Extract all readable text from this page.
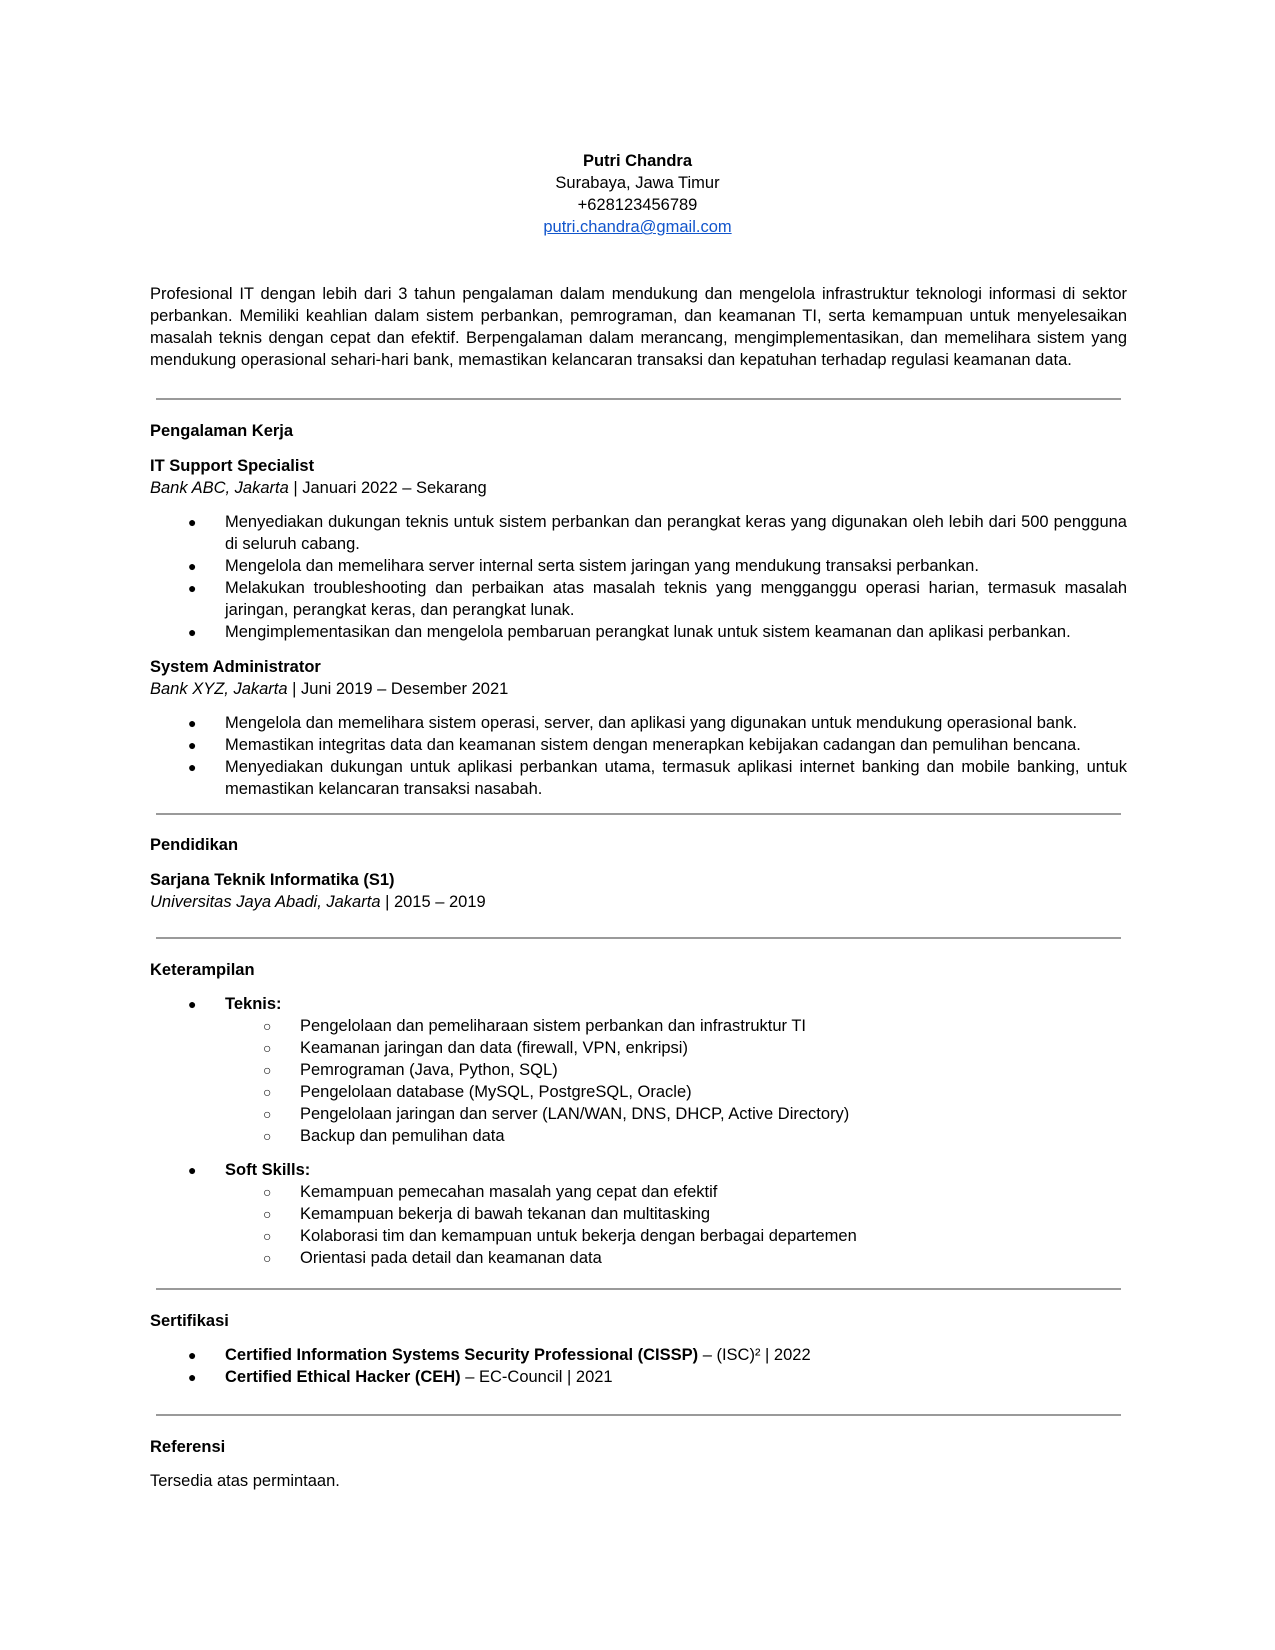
Putri Chandra
Surabaya, Jawa Timur
+628123456789
putri.chandra@gmail.com
Profesional IT dengan lebih dari 3 tahun pengalaman dalam mendukung dan mengelola infrastruktur teknologi informasi di sektor perbankan. Memiliki keahlian dalam sistem perbankan, pemrograman, dan keamanan TI, serta kemampuan untuk menyelesaikan masalah teknis dengan cepat dan efektif. Berpengalaman dalam merancang, mengimplementasikan, dan memelihara sistem yang mendukung operasional sehari-hari bank, memastikan kelancaran transaksi dan kepatuhan terhadap regulasi keamanan data.
Pengalaman Kerja
IT Support Specialist
Bank ABC, Jakarta | Januari 2022 – Sekarang
● Menyediakan dukungan teknis untuk sistem perbankan dan perangkat keras yang digunakan oleh lebih dari 500 pengguna di seluruh cabang.
● Mengelola dan memelihara server internal serta sistem jaringan yang mendukung transaksi perbankan.
● Melakukan troubleshooting dan perbaikan atas masalah teknis yang mengganggu operasi harian, termasuk masalah jaringan, perangkat keras, dan perangkat lunak.
● Mengimplementasikan dan mengelola pembaruan perangkat lunak untuk sistem keamanan dan aplikasi perbankan.
System Administrator
Bank XYZ, Jakarta | Juni 2019 – Desember 2021
● Mengelola dan memelihara sistem operasi, server, dan aplikasi yang digunakan untuk mendukung operasional bank.
● Memastikan integritas data dan keamanan sistem dengan menerapkan kebijakan cadangan dan pemulihan bencana.
● Menyediakan dukungan untuk aplikasi perbankan utama, termasuk aplikasi internet banking dan mobile banking, untuk memastikan kelancaran transaksi nasabah.
Pendidikan
Sarjana Teknik Informatika (S1)
Universitas Jaya Abadi, Jakarta | 2015 – 2019
Keterampilan
● Teknis:
○ Pengelolaan dan pemeliharaan sistem perbankan dan infrastruktur TI
○ Keamanan jaringan dan data (firewall, VPN, enkripsi)
○ Pemrograman (Java, Python, SQL)
○ Pengelolaan database (MySQL, PostgreSQL, Oracle)
○ Pengelolaan jaringan dan server (LAN/WAN, DNS, DHCP, Active Directory)
○ Backup dan pemulihan data
● Soft Skills:
○ Kemampuan pemecahan masalah yang cepat dan efektif
○ Kemampuan bekerja di bawah tekanan dan multitasking
○ Kolaborasi tim dan kemampuan untuk bekerja dengan berbagai departemen
○ Orientasi pada detail dan keamanan data
Sertifikasi
● Certified Information Systems Security Professional (CISSP) – (ISC)² | 2022
● Certified Ethical Hacker (CEH) – EC-Council | 2021
Referensi
Tersedia atas permintaan.
